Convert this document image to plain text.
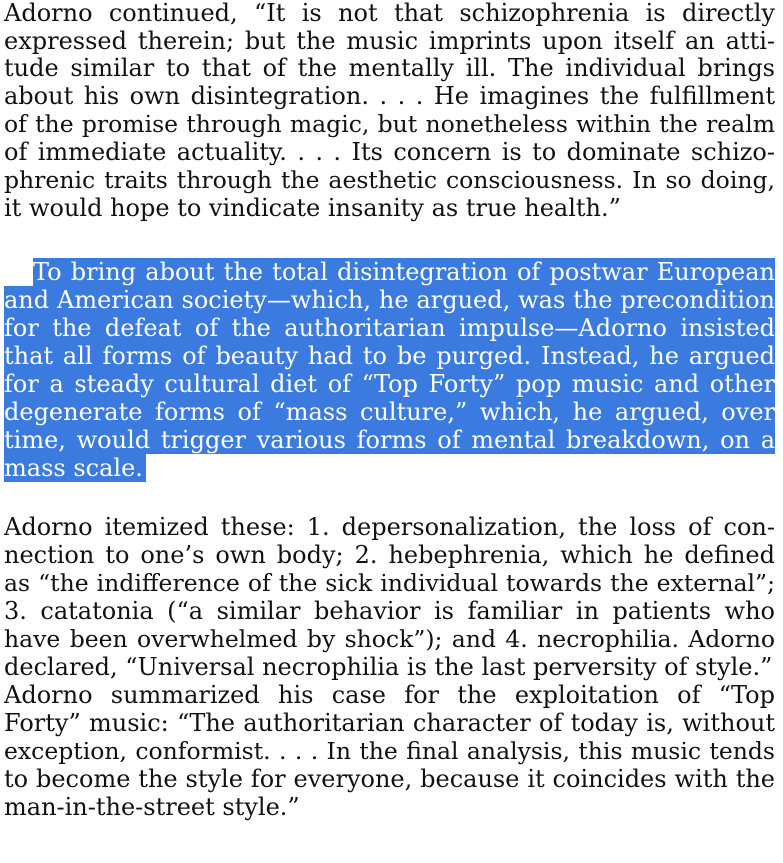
Adorno continued, “It is not that schizophrenia is directly
expressed therein; but the music imprints upon itself an atti-
tude similar to that of the mentally ill. The individual brings
about his own disintegration. . . . He imagines the fulfillment
of the promise through magic, but nonetheless within the realm
of immediate actuality. . . . Its concern is to dominate schizo-
phrenic traits through the aesthetic consciousness. In so doing,
it would hope to vindicate insanity as true health.”
To bring about the total disintegration of postwar European
and American society—which, he argued, was the precondition
for the defeat of the authoritarian impulse—Adorno insisted
that all forms of beauty had to be purged. Instead, he argued
for a steady cultural diet of “Top Forty” pop music and other
degenerate forms of “mass culture,” which, he argued, over
time, would trigger various forms of mental breakdown, on a
mass scale.
Adorno itemized these: 1. depersonalization, the loss of con-
nection to one’s own body; 2. hebephrenia, which he defined
as “the indifference of the sick individual towards the external”;
3. catatonia (“a similar behavior is familiar in patients who
have been overwhelmed by shock”); and 4. necrophilia. Adorno
declared, “Universal necrophilia is the last perversity of style.”
Adorno summarized his case for the exploitation of “Top
Forty” music: “The authoritarian character of today is, without
exception, conformist. . . . In the final analysis, this music tends
to become the style for everyone, because it coincides with the
man-in-the-street style.”
